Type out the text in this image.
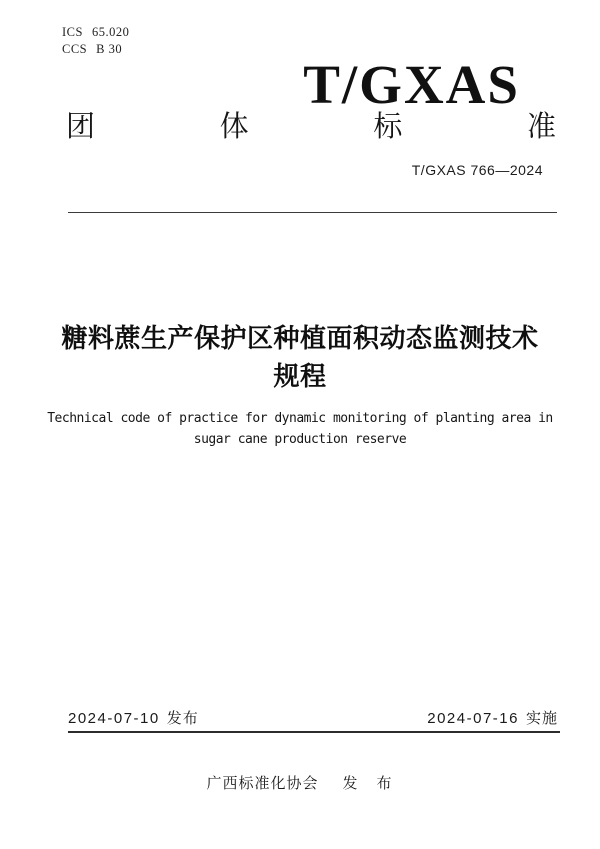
ICS 65.020
CCS B 30
T/GXAS
团	体	标	准
T/GXAS 766—2024
糖料蔗生产保护区种植面积动态监测技术
规程
Technical code of practice for dynamic monitoring of planting area in
sugar cane production reserve
2024-07-10 发布	2024-07-16 实施
广西标准化协会 发　布
